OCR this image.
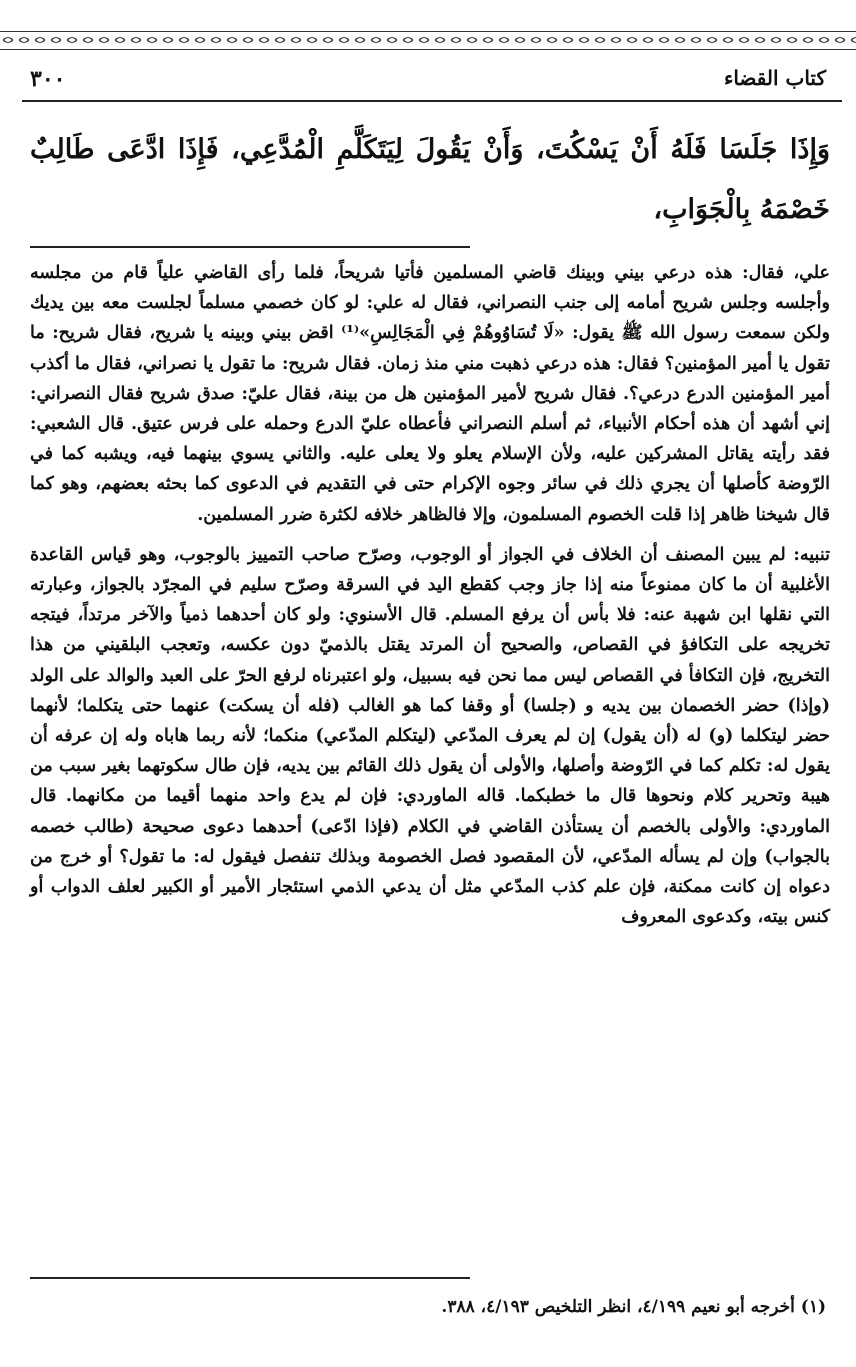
٣٠٠	كتاب القضاء

وَإِذَا جَلَسَا فَلَهُ أَنْ يَسْكُتَ، وَأَنْ يَقُولَ لِيَتَكَلَّمِ الْمُدَّعِي، فَإِذَا ادَّعَى طَالِبٌ خَصْمَهُ بِالْجَوَابِ،

علي، فقال: هذه درعي بيني وبينك قاضي المسلمين فأتيا شريحاً، فلما رأى القاضي علياً قام من مجلسه وأجلسه وجلس شريح أمامه إلى جنب النصراني، فقال له علي: لو كان خصمي مسلماً لجلست معه بين يديك ولكن سمعت رسول الله ﷺ يقول: «لَا تُسَاوُوهُمْ فِي الْمَجَالِسِ»⁽¹⁾ اقض بيني وبينه يا شريح، فقال شريح: ما تقول يا أمير المؤمنين؟ فقال: هذه درعي ذهبت مني منذ زمان. فقال شريح: ما تقول يا نصراني، فقال ما أكذب أمير المؤمنين الدرع درعي؟. فقال شريح لأمير المؤمنين هل من بينة، فقال عليّ: صدق شريح فقال النصراني: إني أشهد أن هذه أحكام الأنبياء، ثم أسلم النصراني فأعطاه عليّ الدرع وحمله على فرس عتيق. قال الشعبي: فقد رأيته يقاتل المشركين عليه، ولأن الإسلام يعلو ولا يعلى عليه. والثاني يسوي بينهما فيه، ويشبه كما في الرّوضة كأصلها أن يجري ذلك في سائر وجوه الإكرام حتى في التقديم في الدعوى كما بحثه بعضهم، وهو كما قال شيخنا ظاهر إذا قلت الخصوم المسلمون، وإلا فالظاهر خلافه لكثرة ضرر المسلمين.

تنبيه: لم يبين المصنف أن الخلاف في الجواز أو الوجوب، وصرّح صاحب التمييز بالوجوب، وهو قياس القاعدة الأغلبية أن ما كان ممنوعاً منه إذا جاز وجب كقطع اليد في السرقة وصرّح سليم في المجرّد بالجواز، وعبارته التي نقلها ابن شهبة عنه: فلا بأس أن يرفع المسلم. قال الأسنوي: ولو كان أحدهما ذمياً والآخر مرتداً، فيتجه تخريجه على التكافؤ في القصاص، والصحيح أن المرتد يقتل بالذميّ دون عكسه، وتعجب البلقيني من هذا التخريج، فإن التكافأ في القصاص ليس مما نحن فيه بسبيل، ولو اعتبرناه لرفع الحرّ على العبد والوالد على الولد (وإذا) حضر الخصمان بين يديه و (جلسا) أو وقفا كما هو الغالب (فله أن يسكت) عنهما حتى يتكلما؛ لأنهما حضر ليتكلما (و) له (أن يقول) إن لم يعرف المدّعي (ليتكلم المدّعي) منكما؛ لأنه ربما هاباه وله إن عرفه أن يقول له: تكلم كما في الرّوضة وأصلها، والأولى أن يقول ذلك القائم بين يديه، فإن طال سكوتهما بغير سبب من هيبة وتحرير كلام ونحوها قال ما خطبكما. قاله الماوردي: فإن لم يدع واحد منهما أقيما من مكانهما. قال الماوردي: والأولى بالخصم أن يستأذن القاضي في الكلام (فإذا ادّعى) أحدهما دعوى صحيحة (طالب خصمه بالجواب) وإن لم يسأله المدّعي، لأن المقصود فصل الخصومة وبذلك تنفصل فيقول له: ما تقول؟ أو خرج من دعواه إن كانت ممكنة، فإن علم كذب المدّعي مثل أن يدعي الذمي استئجار الأمير أو الكبير لعلف الدواب أو كنس بيته، وكدعوى المعروف

(١) أخرجه أبو نعيم ٤/١٩٩، انظر التلخيص ٤/١٩٣، ٣٨٨.
